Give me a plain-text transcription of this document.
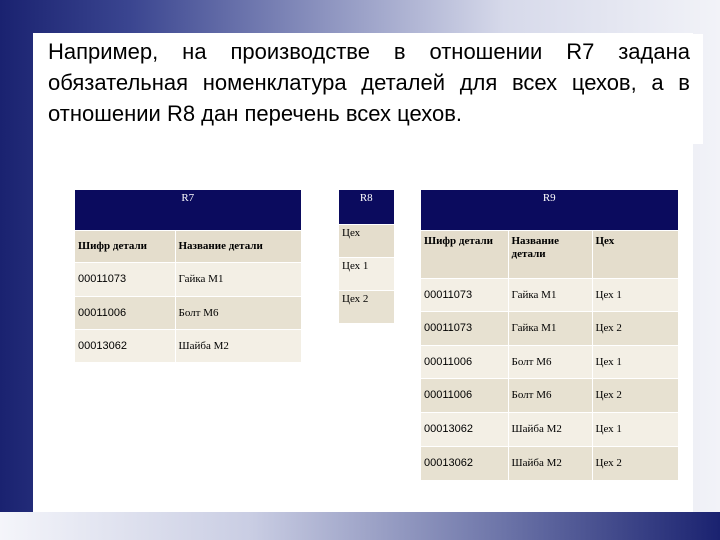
Например, на производстве в отношении R7 задана обязательная номенклатура деталей для всех цехов, а в отношении R8 дан перечень всех цехов.
R7	
Шифр детали	Название детали
00011073	Гайка М1
00011006	Болт М6
00013062	Шайба М2
R8
Цех
Цех 1
Цех 2
R9		
Шифр детали	Название детали	Цех
00011073	Гайка М1	Цех 1
00011073	Гайка М1	Цех 2
00011006	Болт М6	Цех 1
00011006	Болт М6	Цех 2
00013062	Шайба М2	Цех 1
00013062	Шайба М2	Цех 2
